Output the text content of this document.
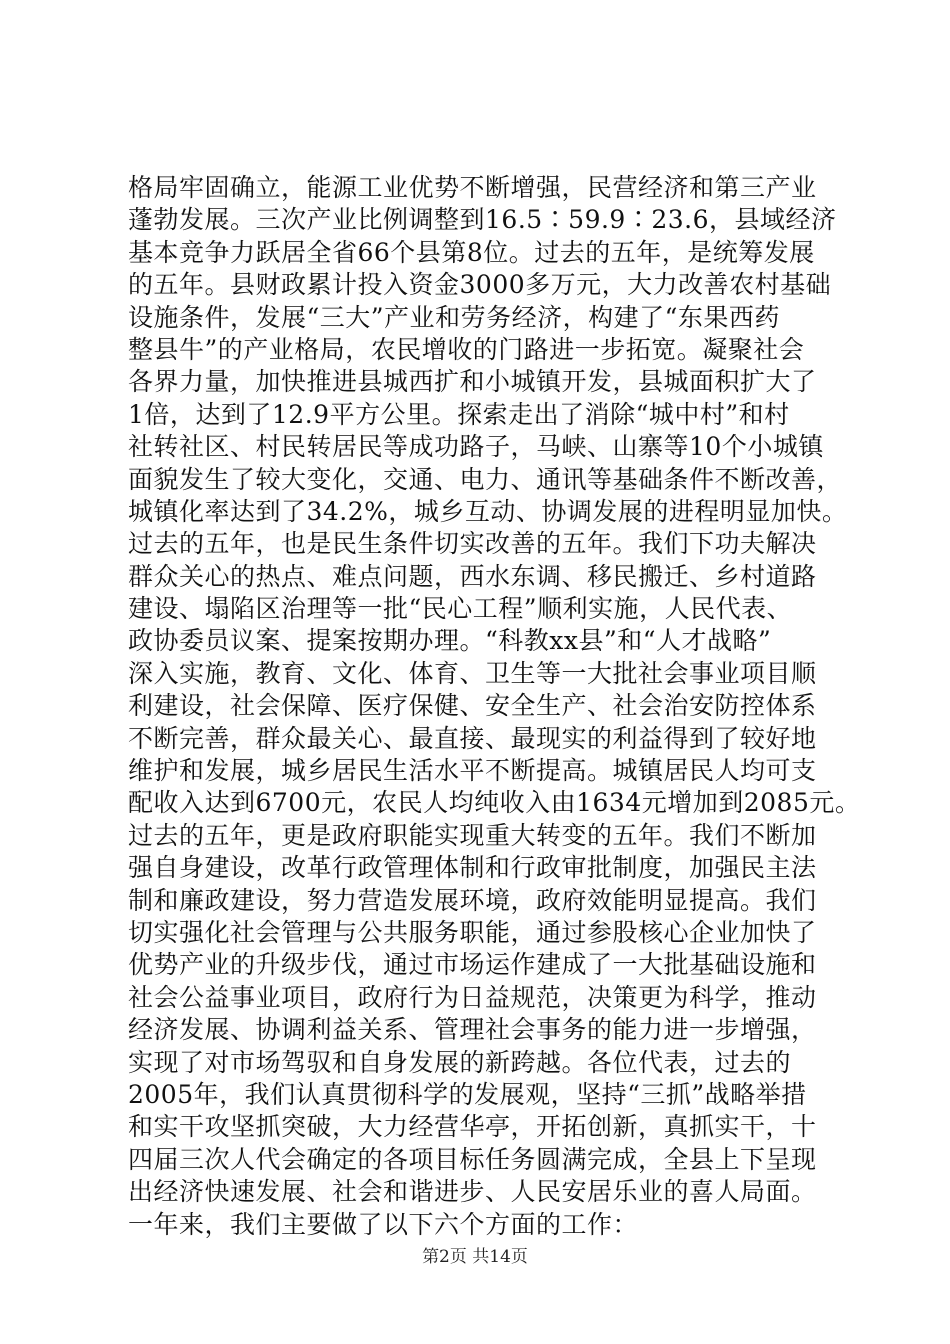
格局牢固确立，能源工业优势不断增强，民营经济和第三产业
蓬勃发展。三次产业比例调整到16.5∶59.9∶23.6，县域经济
基本竞争力跃居全省66个县第8位。过去的五年，是统筹发展
的五年。县财政累计投入资金3000多万元，大力改善农村基础
设施条件，发展“三大”产业和劳务经济，构建了“东果西药
整县牛”的产业格局，农民增收的门路进一步拓宽。凝聚社会
各界力量，加快推进县城西扩和小城镇开发，县城面积扩大了
1倍，达到了12.9平方公里。探索走出了消除“城中村”和村
社转社区、村民转居民等成功路子，马峡、山寨等10个小城镇
面貌发生了较大变化，交通、电力、通讯等基础条件不断改善，
城镇化率达到了34.2%，城乡互动、协调发展的进程明显加快。
过去的五年，也是民生条件切实改善的五年。我们下功夫解决
群众关心的热点、难点问题，西水东调、移民搬迁、乡村道路
建设、塌陷区治理等一批“民心工程”顺利实施，人民代表、
政协委员议案、提案按期办理。“科教xx县”和“人才战略”
深入实施，教育、文化、体育、卫生等一大批社会事业项目顺
利建设，社会保障、医疗保健、安全生产、社会治安防控体系
不断完善，群众最关心、最直接、最现实的利益得到了较好地
维护和发展，城乡居民生活水平不断提高。城镇居民人均可支
配收入达到6700元，农民人均纯收入由1634元增加到2085元。
过去的五年，更是政府职能实现重大转变的五年。我们不断加
强自身建设，改革行政管理体制和行政审批制度，加强民主法
制和廉政建设，努力营造发展环境，政府效能明显提高。我们
切实强化社会管理与公共服务职能，通过参股核心企业加快了
优势产业的升级步伐，通过市场运作建成了一大批基础设施和
社会公益事业项目，政府行为日益规范，决策更为科学，推动
经济发展、协调利益关系、管理社会事务的能力进一步增强，
实现了对市场驾驭和自身发展的新跨越。各位代表，过去的
2005年，我们认真贯彻科学的发展观，坚持“三抓”战略举措
和实干攻坚抓突破，大力经营华亭，开拓创新，真抓实干，十
四届三次人代会确定的各项目标任务圆满完成，全县上下呈现
出经济快速发展、社会和谐进步、人民安居乐业的喜人局面。
一年来，我们主要做了以下六个方面的工作：
第2页 共14页
